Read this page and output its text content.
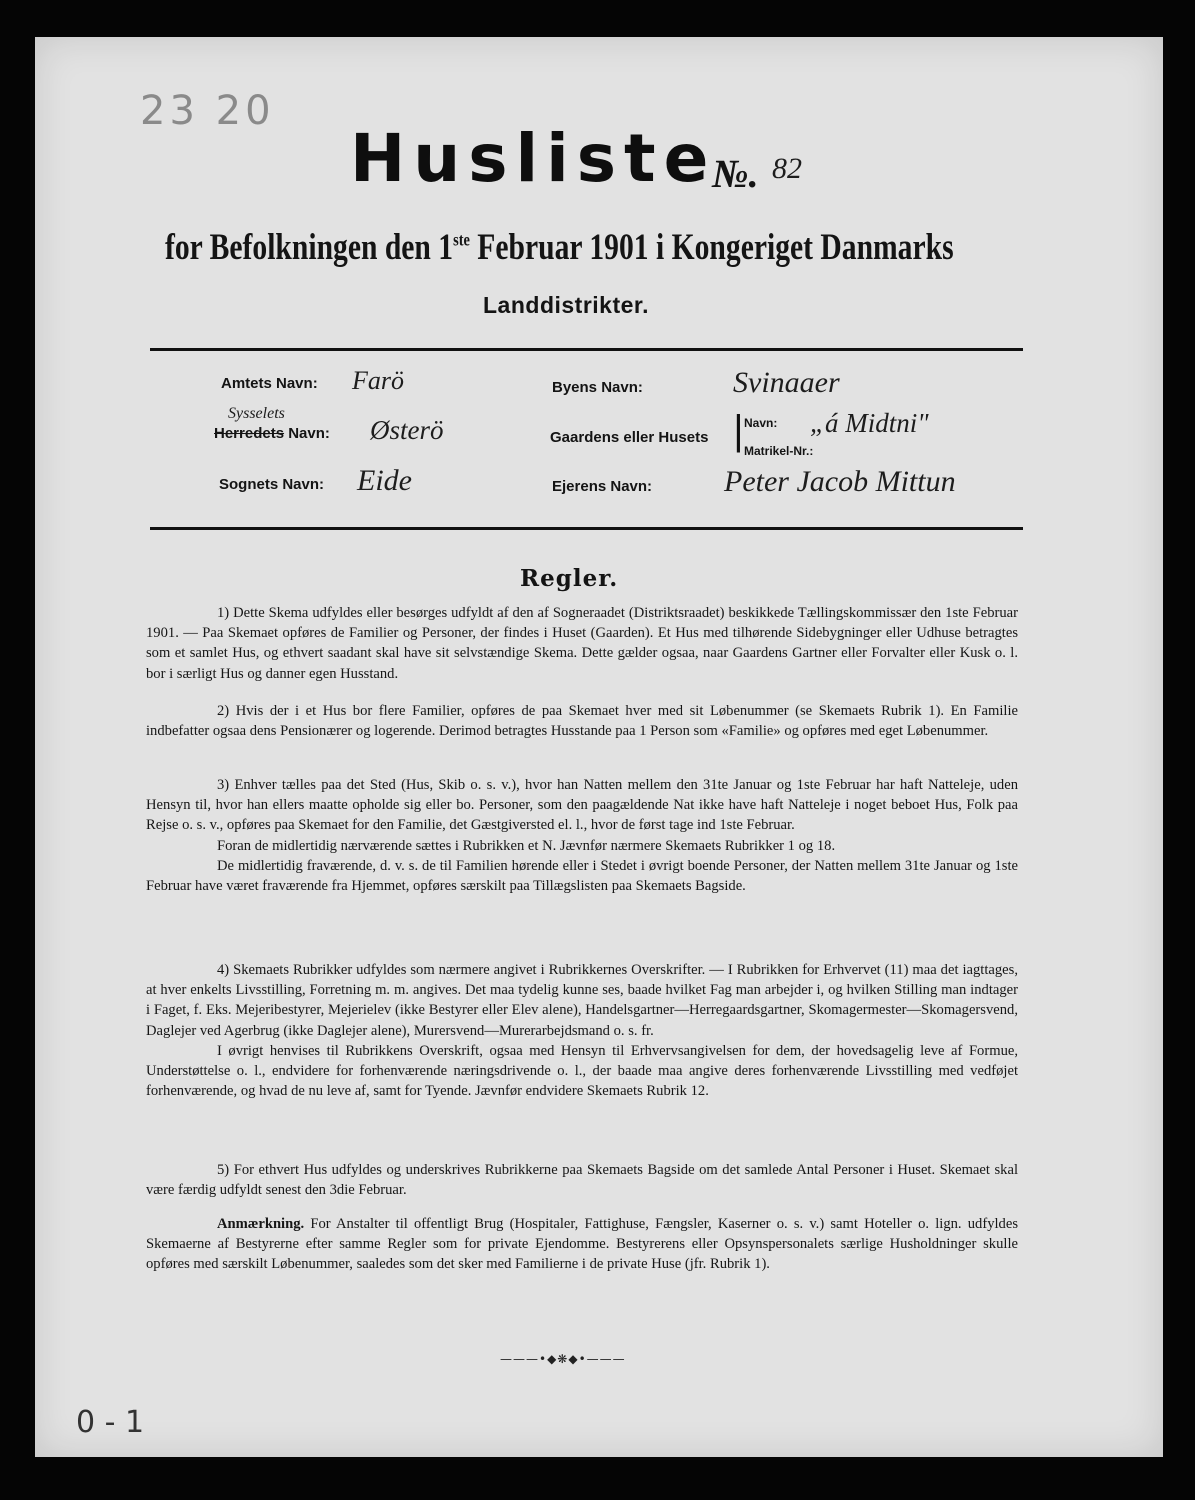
23 20
0 - 1
Husliste
№. 82
for Befolkningen den 1ste Februar 1901 i Kongeriget Danmarks
Landdistrikter.
Amtets Navn: Farö
Sysselets
Herredets Navn: Østerö
Sognets Navn: Eide
Byens Navn:	Svinaaer
Gaardens eller Husets | Navn: „á Midtni"
Matrikel-Nr.:
Ejerens Navn: Peter Jacob Mittun
Regler.

1) Dette Skema udfyldes eller besørges udfyldt af den af Sogneraadet (Distriktsraadet) beskikkede Tællingskommissær den 1ste Februar 1901. — Paa Skemaet opføres de Familier og Personer, der findes i Huset (Gaarden). Et Hus med tilhørende Sidebygninger eller Udhuse betragtes som et samlet Hus, og ethvert saadant skal have sit selvstændige Skema. Dette gælder ogsaa, naar Gaardens Gartner eller Forvalter eller Kusk o. l. bor i særligt Hus og danner egen Husstand.

2) Hvis der i et Hus bor flere Familier, opføres de paa Skemaet hver med sit Løbenummer (se Skemaets Rubrik 1). En Familie indbefatter ogsaa dens Pensionærer og logerende. Derimod betragtes Husstande paa 1 Person som «Familie» og opføres med eget Løbenummer.

3) Enhver tælles paa det Sted (Hus, Skib o. s. v.), hvor han Natten mellem den 31te Januar og 1ste Februar har haft Natteleje, uden Hensyn til, hvor han ellers maatte opholde sig eller bo. Personer, som den paagældende Nat ikke have haft Natteleje i noget beboet Hus, Folk paa Rejse o. s. v., opføres paa Skemaet for den Familie, det Gæstgiversted el. l., hvor de først tage ind 1ste Februar.

Foran de midlertidig nærværende sættes i Rubrikken et N. Jævnfør nærmere Skemaets Rubrikker 1 og 18.

De midlertidig fraværende, d. v. s. de til Familien hørende eller i Stedet i øvrigt boende Personer, der Natten mellem 31te Januar og 1ste Februar have været fraværende fra Hjemmet, opføres særskilt paa Tillægslisten paa Skemaets Bagside.

4) Skemaets Rubrikker udfyldes som nærmere angivet i Rubrikkernes Overskrifter. — I Rubrikken for Erhvervet (11) maa det iagttages, at hver enkelts Livsstilling, Forretning m. m. angives. Det maa tydelig kunne ses, baade hvilket Fag man arbejder i, og hvilken Stilling man indtager i Faget, f. Eks. Mejeribestyrer, Mejerielev (ikke Bestyrer eller Elev alene), Handelsgartner—Herregaardsgartner, Skomagermester—Skomagersvend, Daglejer ved Agerbrug (ikke Daglejer alene), Murersvend—Murerarbejdsmand o. s. fr.

I øvrigt henvises til Rubrikkens Overskrift, ogsaa med Hensyn til Erhvervsangivelsen for dem, der hovedsagelig leve af Formue, Understøttelse o. l., endvidere for forhenværende næringsdrivende o. l., der baade maa angive deres forhenværende Livsstilling med vedføjet forhenværende, og hvad de nu leve af, samt for Tyende. Jævnfør endvidere Skemaets Rubrik 12.

5) For ethvert Hus udfyldes og underskrives Rubrikkerne paa Skemaets Bagside om det samlede Antal Personer i Huset. Skemaet skal være færdig udfyldt senest den 3die Februar.

Anmærkning. For Anstalter til offentligt Brug (Hospitaler, Fattighuse, Fængsler, Kaserner o. s. v.) samt Hoteller o. lign. udfyldes Skemaerne af Bestyrerne efter samme Regler som for private Ejendomme. Bestyrerens eller Opsynspersonalets særlige Husholdninger skulle opføres med særskilt Løbenummer, saaledes som det sker med Familierne i de private Huse (jfr. Rubrik 1).

———•◆❋◆•———
